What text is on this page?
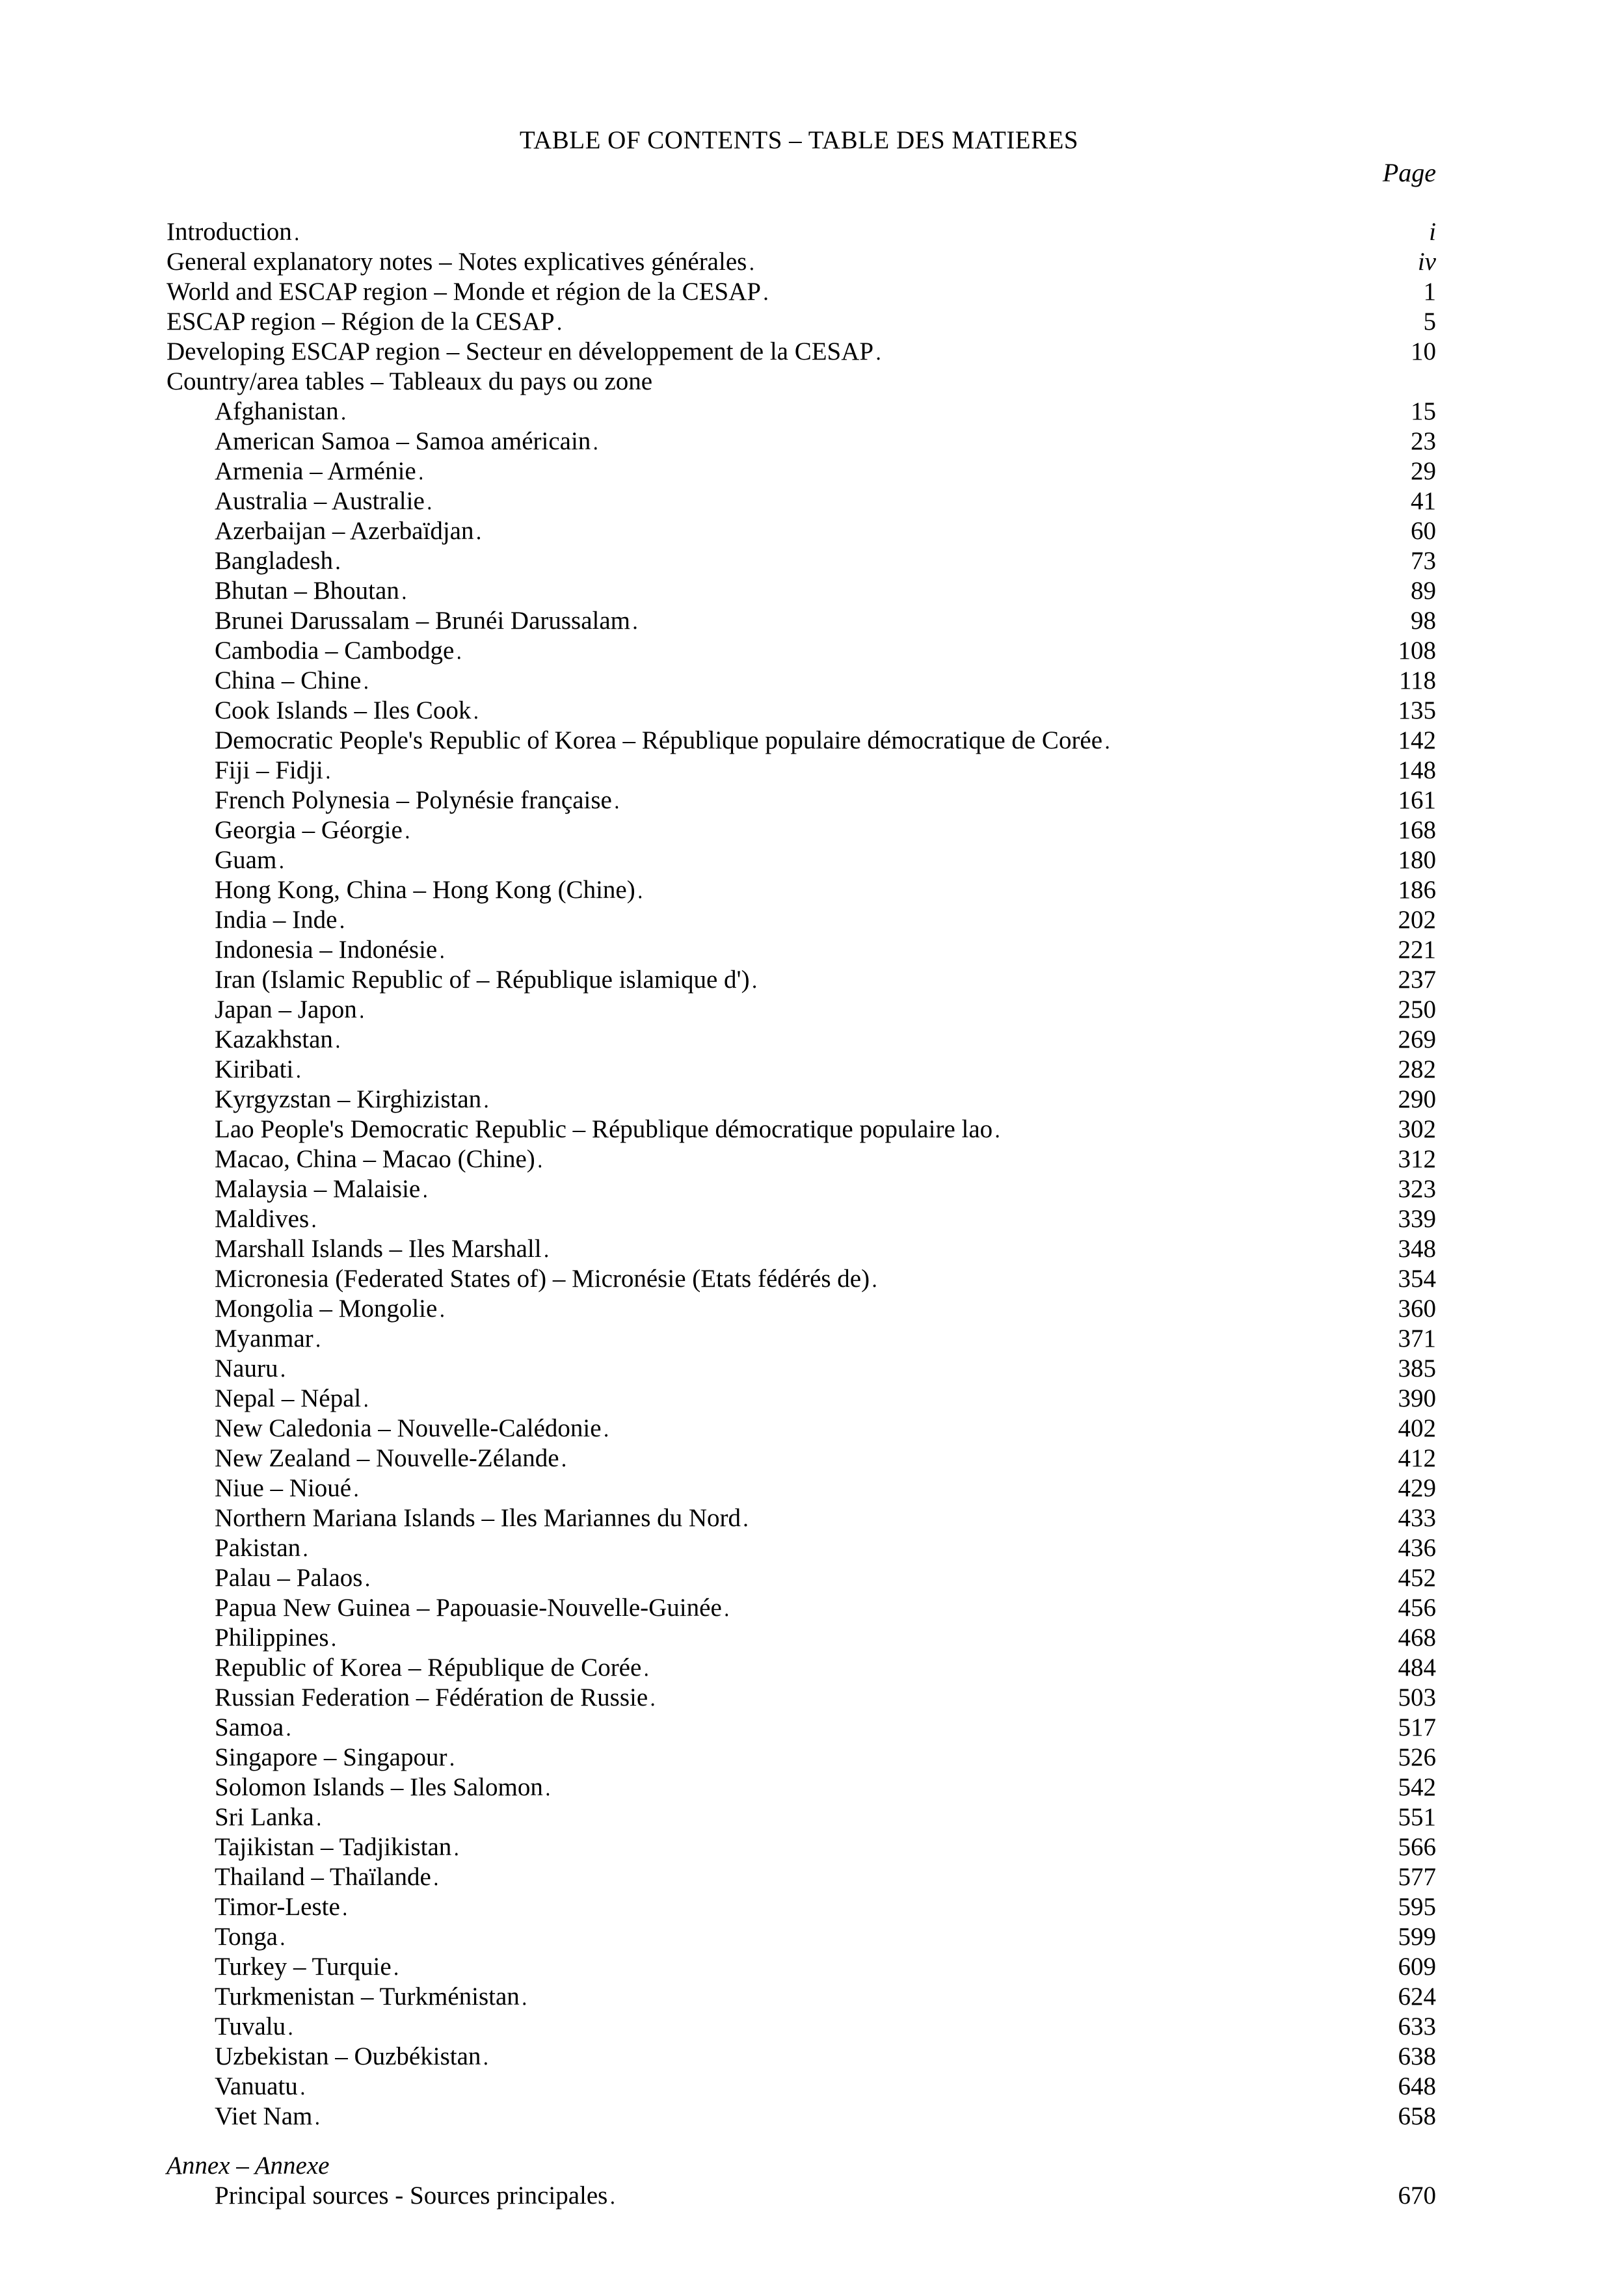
TABLE OF CONTENTS – TABLE DES MATIERES
Page
Introduction . . .	i
General explanatory notes – Notes explicatives générales . . .	iv
World and ESCAP region – Monde et région de la CESAP . . .	1
ESCAP region – Région de la CESAP . . .	5
Developing ESCAP region – Secteur en développement de la CESAP . . .	10
Country/area tables – Tableaux du pays ou zone
Afghanistan . . .	15
American Samoa – Samoa américain . . .	23
Armenia – Arménie . . .	29
Australia – Australie . . .	41
Azerbaijan – Azerbaïdjan . . .	60
Bangladesh . . .	73
Bhutan – Bhoutan . . .	89
Brunei Darussalam – Brunéi Darussalam . . .	98
Cambodia – Cambodge . . .	108
China – Chine . . .	118
Cook Islands – Iles Cook . . .	135
Democratic People's Republic of Korea – République populaire démocratique de Corée . . .	142
Fiji – Fidji . . .	148
French Polynesia – Polynésie française . . .	161
Georgia – Géorgie . . .	168
Guam . . .	180
Hong Kong, China – Hong Kong (Chine) . . .	186
India – Inde . . .	202
Indonesia – Indonésie . . .	221
Iran (Islamic Republic of – République islamique d') . . .	237
Japan – Japon . . .	250
Kazakhstan . . .	269
Kiribati . . .	282
Kyrgyzstan – Kirghizistan . . .	290
Lao People's Democratic Republic – République démocratique populaire lao . . .	302
Macao, China – Macao (Chine) . . .	312
Malaysia – Malaisie . . .	323
Maldives . . .	339
Marshall Islands – Iles Marshall . . .	348
Micronesia (Federated States of) – Micronésie (Etats fédérés de) . . .	354
Mongolia – Mongolie . . .	360
Myanmar . . .	371
Nauru . . .	385
Nepal – Népal . . .	390
New Caledonia – Nouvelle-Calédonie . . .	402
New Zealand – Nouvelle-Zélande . . .	412
Niue – Nioué . . .	429
Northern Mariana Islands – Iles Mariannes du Nord . . .	433
Pakistan . . .	436
Palau – Palaos . . .	452
Papua New Guinea – Papouasie-Nouvelle-Guinée . . .	456
Philippines . . .	468
Republic of Korea – République de Corée . . .	484
Russian Federation – Fédération de Russie . . .	503
Samoa . . .	517
Singapore – Singapour . . .	526
Solomon Islands – Iles Salomon . . .	542
Sri Lanka . . .	551
Tajikistan – Tadjikistan . . .	566
Thailand – Thaïlande . . .	577
Timor-Leste . . .	595
Tonga . . .	599
Turkey – Turquie . . .	609
Turkmenistan – Turkménistan . . .	624
Tuvalu . . .	633
Uzbekistan – Ouzbékistan . . .	638
Vanuatu . . .	648
Viet Nam . . .	658
Annex – Annexe
Principal sources - Sources principales . . .	670
